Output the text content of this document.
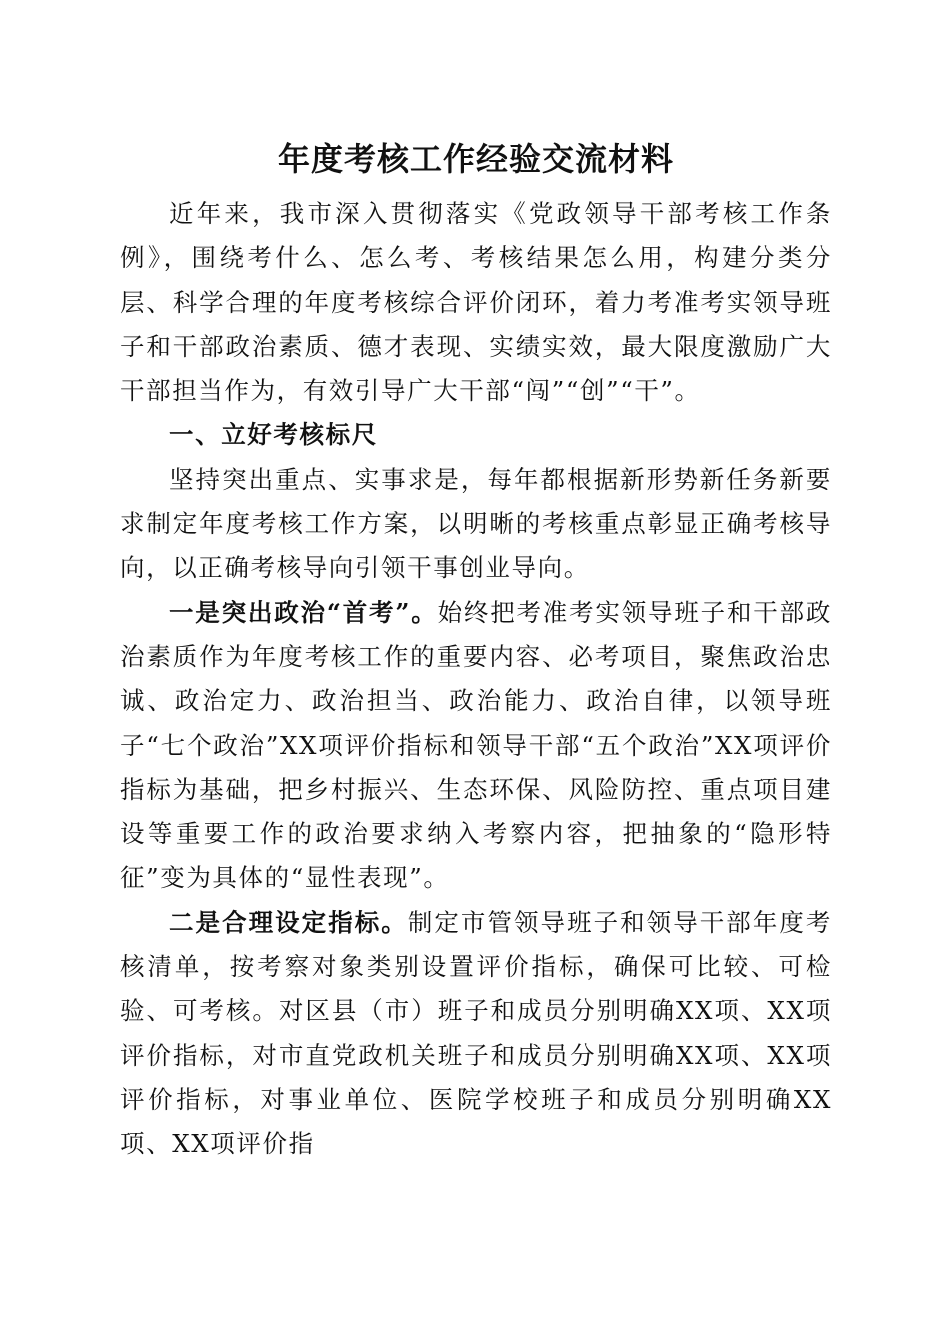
年度考核工作经验交流材料

近年来，我市深入贯彻落实《党政领导干部考核工作条例》，围绕考什么、怎么考、考核结果怎么用，构建分类分层、科学合理的年度考核综合评价闭环，着力考准考实领导班子和干部政治素质、德才表现、实绩实效，最大限度激励广大干部担当作为，有效引导广大干部“闯”“创”“干”。

一、立好考核标尺

坚持突出重点、实事求是，每年都根据新形势新任务新要求制定年度考核工作方案，以明晰的考核重点彰显正确考核导向，以正确考核导向引领干事创业导向。

一是突出政治“首考”。始终把考准考实领导班子和干部政治素质作为年度考核工作的重要内容、必考项目，聚焦政治忠诚、政治定力、政治担当、政治能力、政治自律，以领导班子“七个政治”XX项评价指标和领导干部“五个政治”XX项评价指标为基础，把乡村振兴、生态环保、风险防控、重点项目建设等重要工作的政治要求纳入考察内容，把抽象的“隐形特征”变为具体的“显性表现”。

二是合理设定指标。制定市管领导班子和领导干部年度考核清单，按考察对象类别设置评价指标，确保可比较、可检验、可考核。对区县（市）班子和成员分别明确XX项、XX项评价指标，对市直党政机关班子和成员分别明确XX项、XX项评价指标，对事业单位、医院学校班子和成员分别明确XX项、XX项评价指
